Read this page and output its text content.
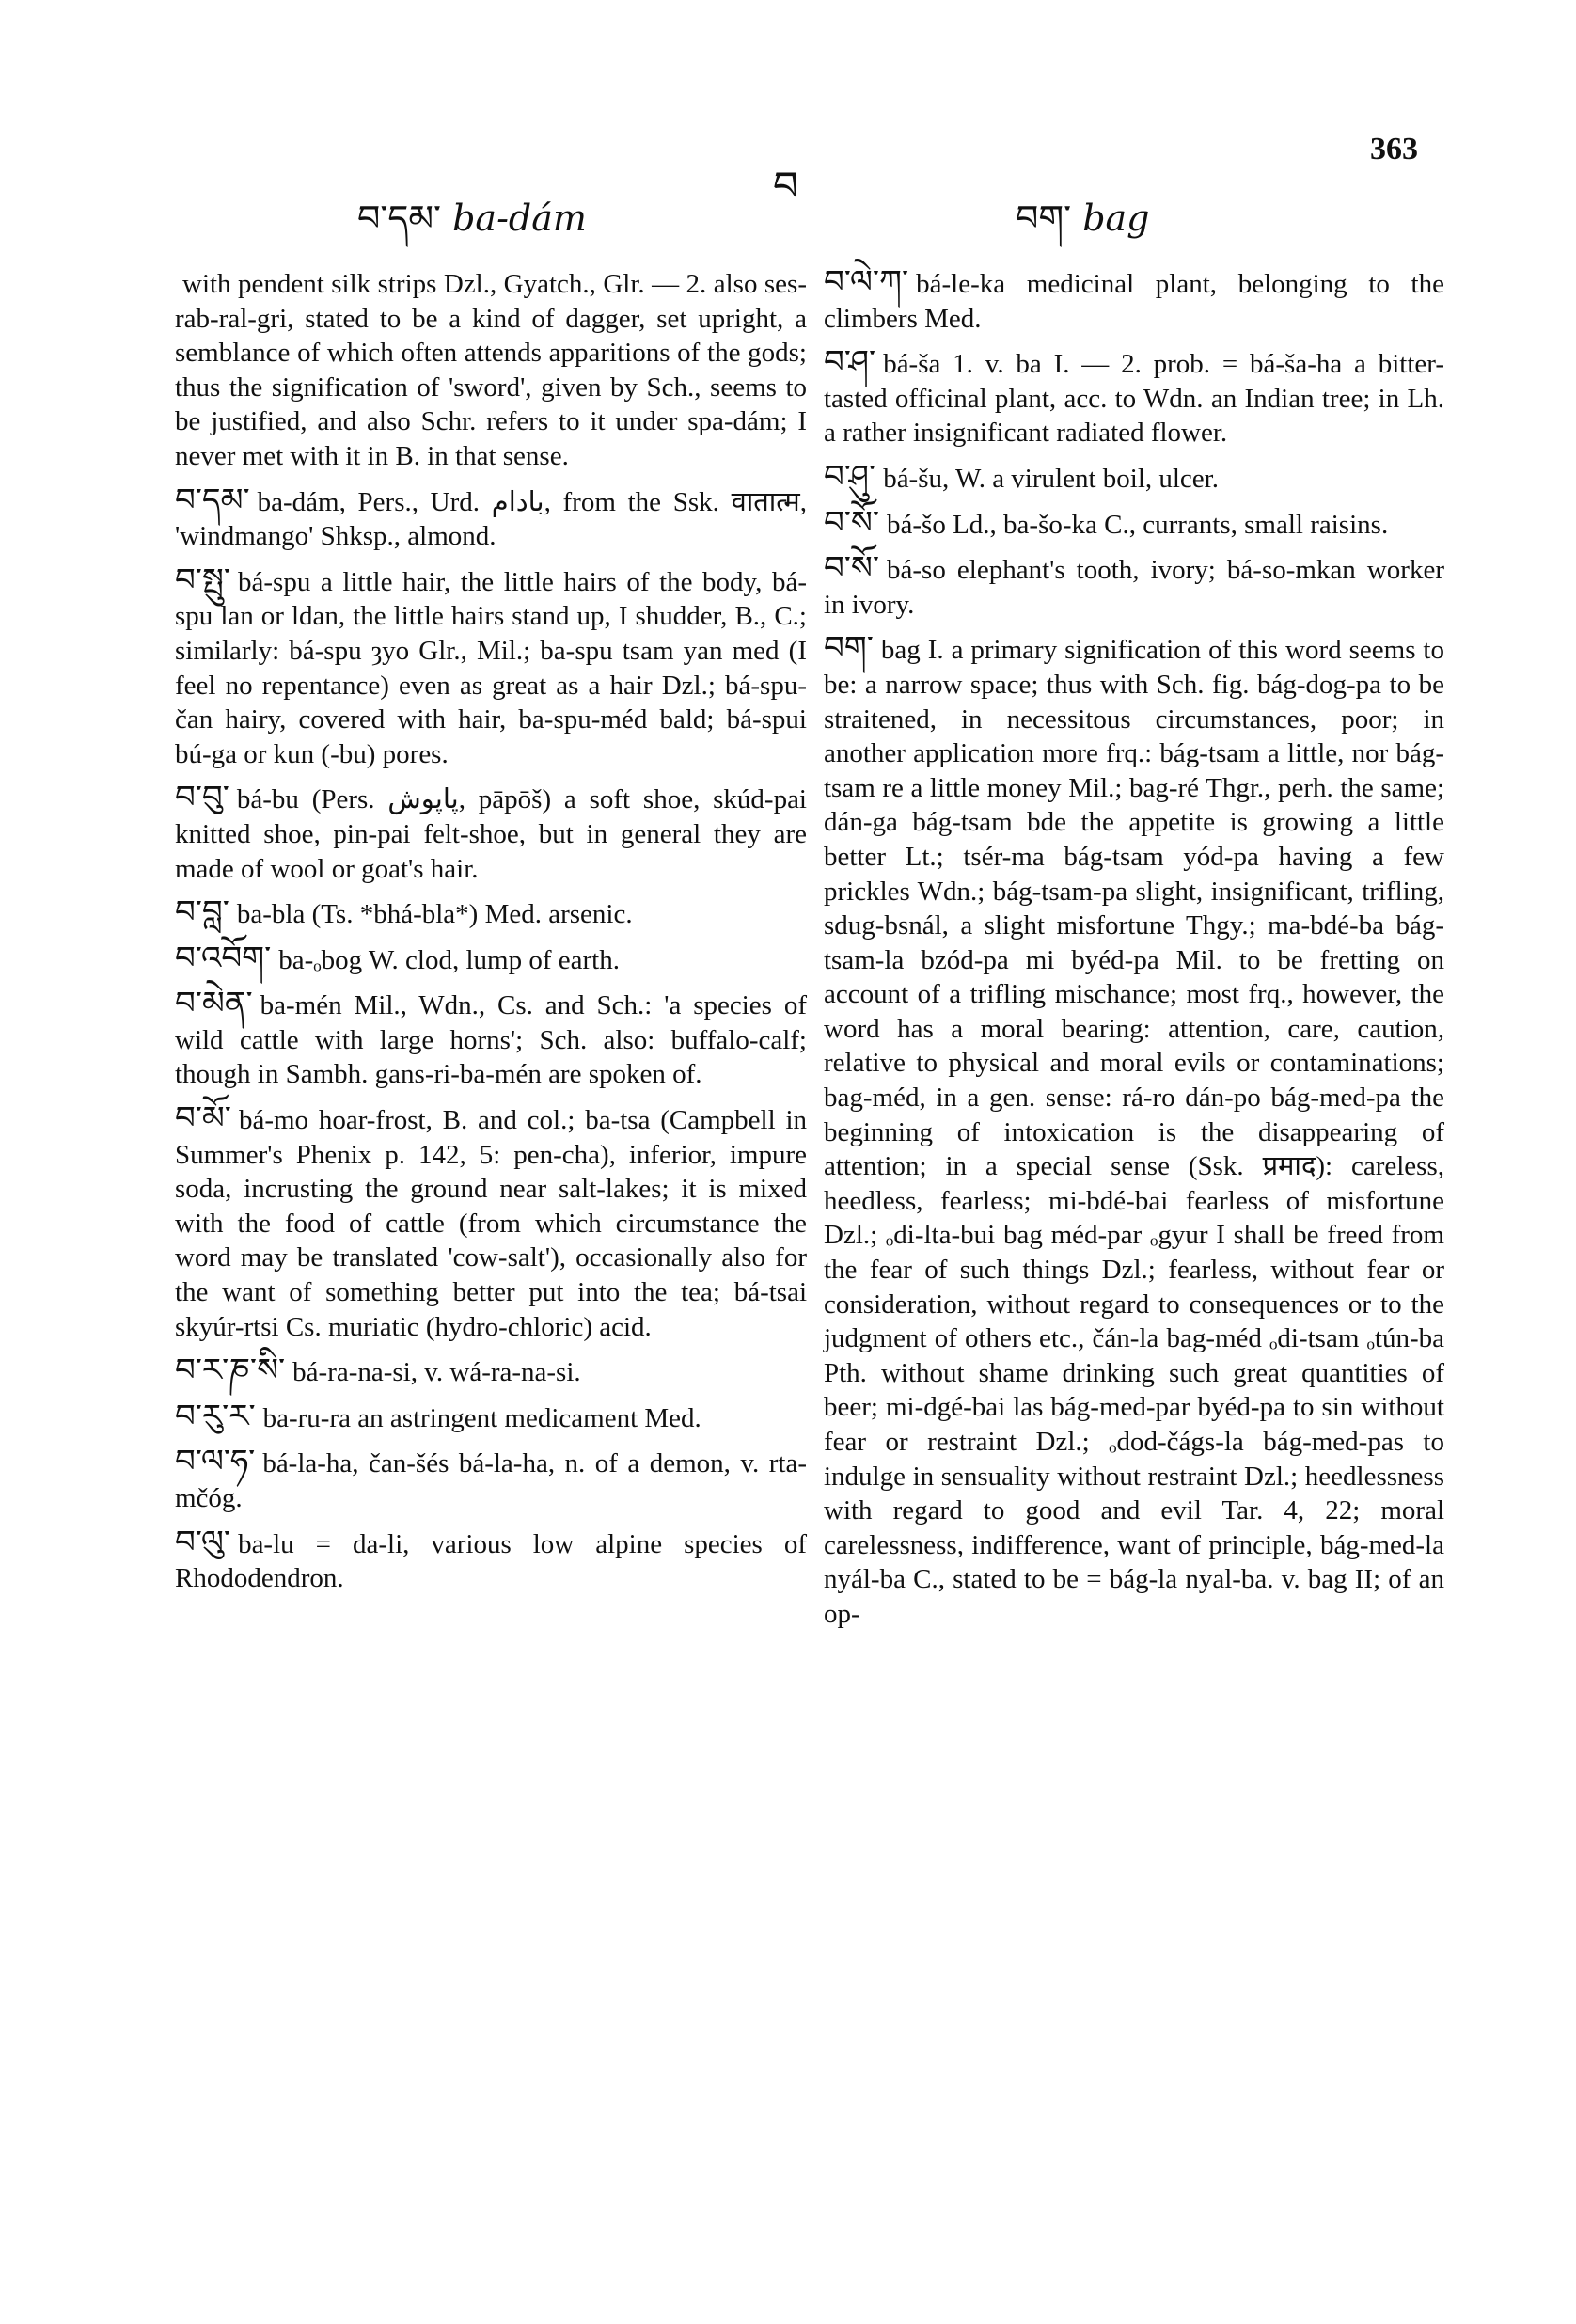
བ་དམ་ ba-dám
བ
བག་ bag
363

with pendent silk strips Dzl., Gyatch., Glr. — 2. also ses-rab-ral-gri, stated to be a kind of dagger, set upright, a semblance of which often attends apparitions of the gods; thus the signification of 'sword', given by Sch., seems to be justified, and also Schr. refers to it under spa-dám; I never met with it in B. in that sense.

བ་དམ་ ba-dám, Pers., Urd. بادام, from the Ssk. वातात्म, 'windmango' Shksp., almond.

བ་སྤུ་ bá-spu a little hair, the little hairs of the body, bá-spu lan or ldan, the little hairs stand up, I shudder, B., C.; similarly: bá-spu ȝyo Glr., Mil.; ba-spu tsam yan med (I feel no repentance) even as great as a hair Dzl.; bá-spu-čan hairy, covered with hair, ba-spu-méd bald; bá-spui bú-ga or kun (-bu) pores.

བ་བུ་ bá-bu (Pers. پاپوش, pāpōš) a soft shoe, skúd-pai knitted shoe, pin-pai felt-shoe, but in general they are made of wool or goat's hair.

བ་བླ་ ba-bla (Ts. *bhá-bla*) Med. arsenic.

བ་འབོག་ ba-ₒbog W. clod, lump of earth.

བ་མེན་ ba-mén Mil., Wdn., Cs. and Sch.: 'a species of wild cattle with large horns'; Sch. also: buffalo-calf; though in Sambh. gans-ri-ba-mén are spoken of.

བ་མོ་ bá-mo hoar-frost, B. and col.; ba-tsa (Campbell in Summer's Phenix p. 142, 5: pen-cha), inferior, impure soda, incrusting the ground near salt-lakes; it is mixed with the food of cattle (from which circumstance the word may be translated 'cow-salt'), occasionally also for the want of something better put into the tea; bá-tsai skyúr-rtsi Cs. muriatic (hydro-chloric) acid.

བ་ར་ཎ་སི་ bá-ra-na-si, v. wá-ra-na-si.

བ་རུ་ར་ ba-ru-ra an astringent medicament Med.

བ་ལ་ཧ་ bá-la-ha, čan-šés bá-la-ha, n. of a demon, v. rta-mčóg.

བ་ལུ་ ba-lu = da-li, various low alpine species of Rhododendron.

བ་ལེ་ཀ་ bá-le-ka medicinal plant, belonging to the climbers Med.

བ་ཤ་ bá-ša 1. v. ba I. — 2. prob. = bá-ša-ha a bitter-tasted officinal plant, acc. to Wdn. an Indian tree; in Lh. a rather insignificant radiated flower.

བ་ཤུ་ bá-šu, W. a virulent boil, ulcer.

བ་སོ་ bá-šo Ld., ba-šo-ka C., currants, small raisins.

བ་སོ་ bá-so elephant's tooth, ivory; bá-so-mkan worker in ivory.

བག་ bag I. a primary signification of this word seems to be: a narrow space; thus with Sch. fig. bág-dog-pa to be straitened, in necessitous circumstances, poor; in another application more frq.: bág-tsam a little, nor bág-tsam re a little money Mil.; bag-ré Thgr., perh. the same; dán-ga bág-tsam bde the appetite is growing a little better Lt.; tsér-ma bág-tsam yód-pa having a few prickles Wdn.; bág-tsam-pa slight, insignificant, trifling, sdug-bsnál, a slight misfortune Thgy.; ma-bdé-ba bág-tsam-la bzód-pa mi byéd-pa Mil. to be fretting on account of a trifling mischance; most frq., however, the word has a moral bearing: attention, care, caution, relative to physical and moral evils or contaminations; bag-méd, in a gen. sense: rá-ro dán-po bág-med-pa the beginning of intoxication is the disappearing of attention; in a special sense (Ssk. प्रमाद): careless, heedless, fearless; mi-bdé-bai fearless of misfortune Dzl.; ₒdi-lta-bui bag méd-par ₒgyur I shall be freed from the fear of such things Dzl.; fearless, without fear or consideration, without regard to consequences or to the judgment of others etc., čán-la bag-méd ₒdi-tsam ₒtún-ba Pth. without shame drinking such great quantities of beer; mi-dgé-bai las bág-med-par byéd-pa to sin without fear or restraint Dzl.; ₒdod-čágs-la bág-med-pas to indulge in sensuality without restraint Dzl.; heedlessness with regard to good and evil Tar. 4, 22; moral carelessness, indifference, want of principle, bág-med-la nyál-ba C., stated to be = bág-la nyal-ba. v. bag II; of an op-
